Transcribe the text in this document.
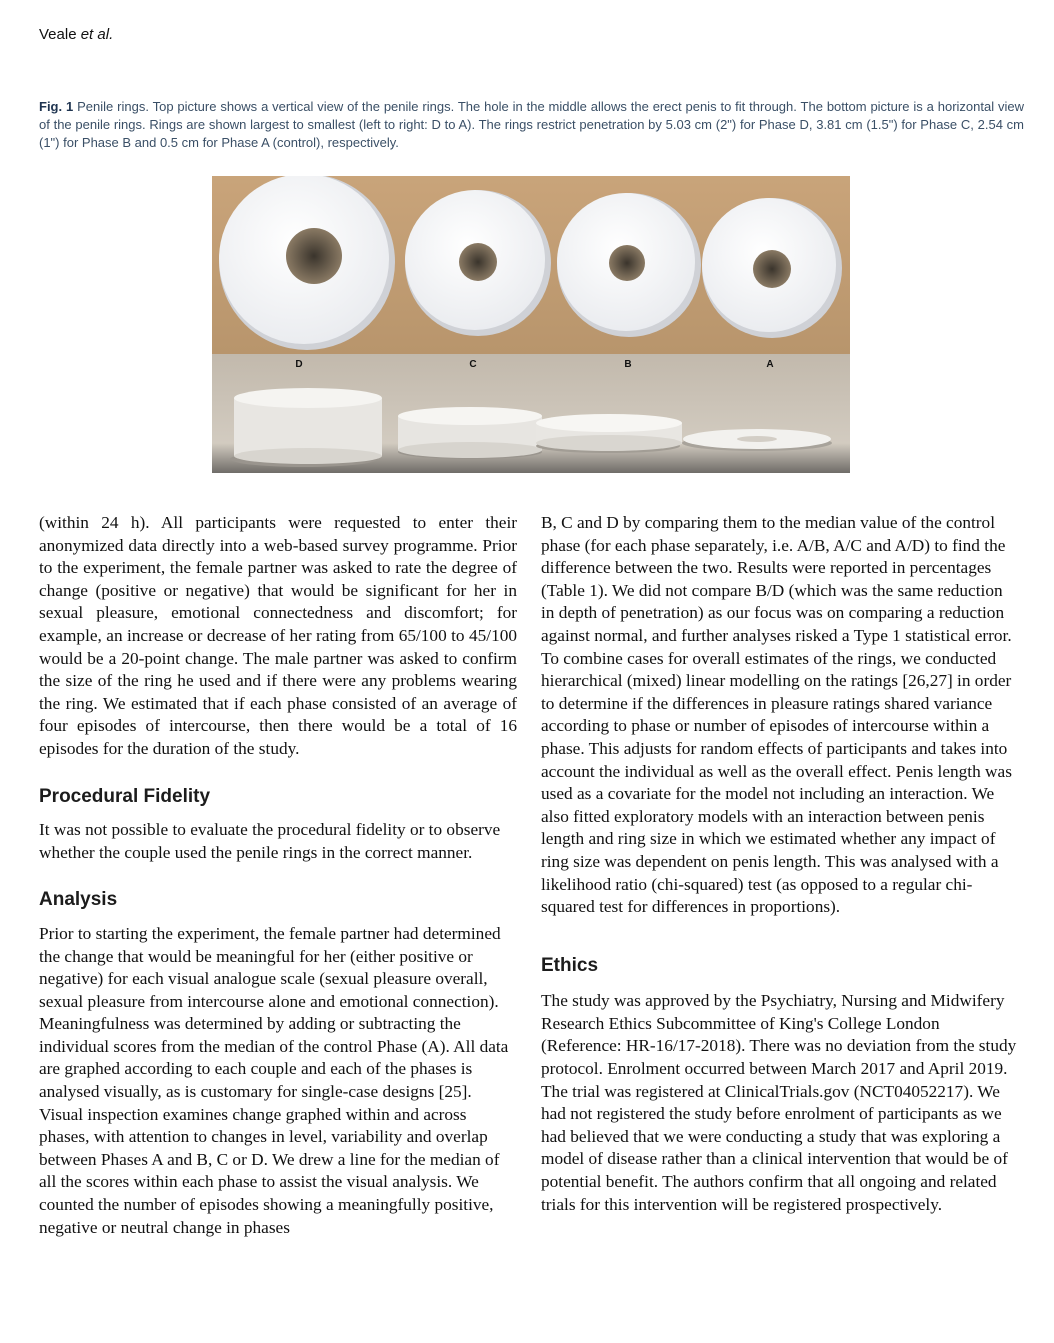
Veale et al.
Fig. 1 Penile rings. Top picture shows a vertical view of the penile rings. The hole in the middle allows the erect penis to fit through. The bottom picture is a horizontal view of the penile rings. Rings are shown largest to smallest (left to right: D to A). The rings restrict penetration by 5.03 cm (2") for Phase D, 3.81 cm (1.5") for Phase C, 2.54 cm (1") for Phase B and 0.5 cm for Phase A (control), respectively.
D	C	B	A

(within 24 h). All participants were requested to enter their anonymized data directly into a web-based survey programme. Prior to the experiment, the female partner was asked to rate the degree of change (positive or negative) that would be significant for her in sexual pleasure, emotional connectedness and discomfort; for example, an increase or decrease of her rating from 65/100 to 45/100 would be a 20-point change. The male partner was asked to confirm the size of the ring he used and if there were any problems wearing the ring. We estimated that if each phase consisted of an average of four episodes of intercourse, then there would be a total of 16 episodes for the duration of the study.

Procedural Fidelity

It was not possible to evaluate the procedural fidelity or to observe whether the couple used the penile rings in the correct manner.

Analysis

Prior to starting the experiment, the female partner had determined the change that would be meaningful for her (either positive or negative) for each visual analogue scale (sexual pleasure overall, sexual pleasure from intercourse alone and emotional connection). Meaningfulness was determined by adding or subtracting the individual scores from the median of the control Phase (A). All data are graphed according to each couple and each of the phases is analysed visually, as is customary for single-case designs [25]. Visual inspection examines change graphed within and across phases, with attention to changes in level, variability and overlap between Phases A and B, C or D. We drew a line for the median of all the scores within each phase to assist the visual analysis. We counted the number of episodes showing a meaningfully positive, negative or neutral change in phases

B, C and D by comparing them to the median value of the control phase (for each phase separately, i.e. A/B, A/C and A/D) to find the difference between the two. Results were reported in percentages (Table 1). We did not compare B/D (which was the same reduction in depth of penetration) as our focus was on comparing a reduction against normal, and further analyses risked a Type 1 statistical error. To combine cases for overall estimates of the rings, we conducted hierarchical (mixed) linear modelling on the ratings [26,27] in order to determine if the differences in pleasure ratings shared variance according to phase or number of episodes of intercourse within a phase. This adjusts for random effects of participants and takes into account the individual as well as the overall effect. Penis length was used as a covariate for the model not including an interaction. We also fitted exploratory models with an interaction between penis length and ring size in which we estimated whether any impact of ring size was dependent on penis length. This was analysed with a likelihood ratio (chi-squared) test (as opposed to a regular chi-squared test for differences in proportions).

Ethics

The study was approved by the Psychiatry, Nursing and Midwifery Research Ethics Subcommittee of King's College London (Reference: HR-16/17-2018). There was no deviation from the study protocol. Enrolment occurred between March 2017 and April 2019. The trial was registered at ClinicalTrials.gov (NCT04052217). We had not registered the study before enrolment of participants as we had believed that we were conducting a study that was exploring a model of disease rather than a clinical intervention that would be of potential benefit. The authors confirm that all ongoing and related trials for this intervention will be registered prospectively.
